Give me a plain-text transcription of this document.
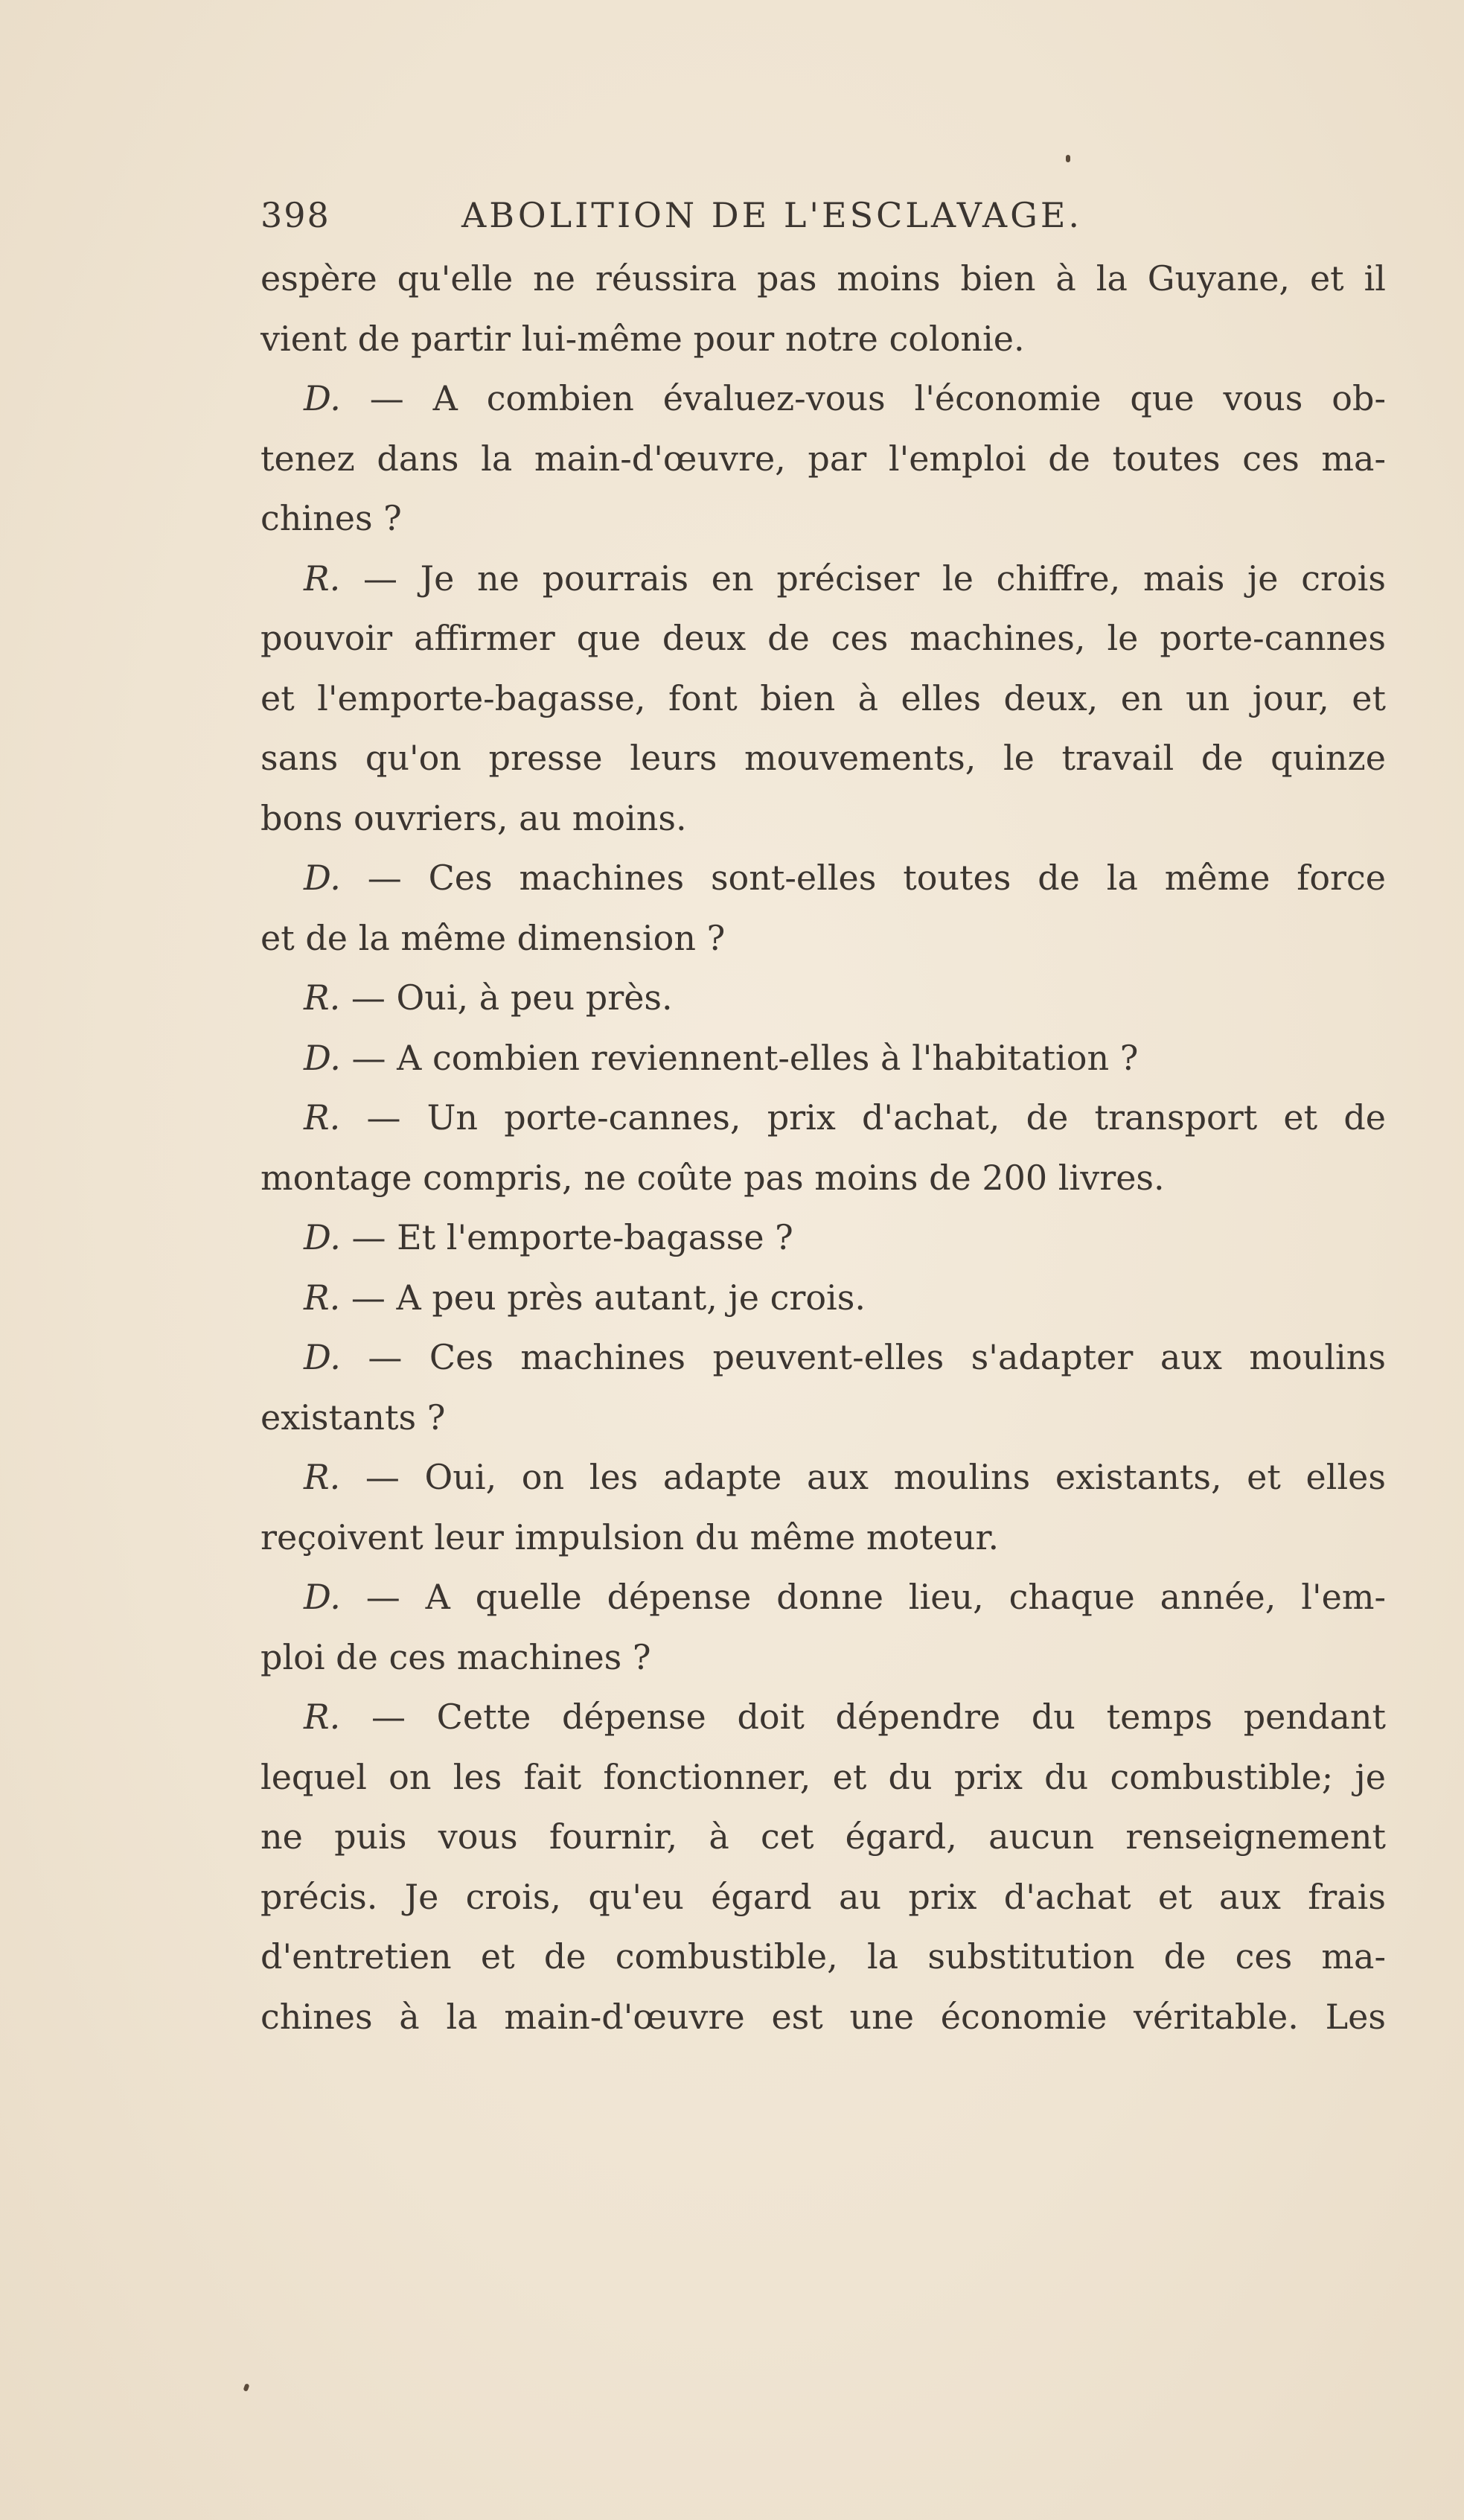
398	ABOLITION DE L'ESCLAVAGE.
espère qu'elle ne réussira pas moins bien à la Guyane, et il
vient de partir lui-même pour notre colonie.
D. — A combien évaluez-vous l'économie que vous ob-
tenez dans la main-d'œuvre, par l'emploi de toutes ces ma-
chines ?
R. — Je ne pourrais en préciser le chiffre, mais je crois
pouvoir affirmer que deux de ces machines, le porte-cannes
et l'emporte-bagasse, font bien à elles deux, en un jour, et
sans qu'on presse leurs mouvements, le travail de quinze
bons ouvriers, au moins.
D. — Ces machines sont-elles toutes de la même force
et de la même dimension ?
R. — Oui, à peu près.
D. — A combien reviennent-elles à l'habitation ?
R. — Un porte-cannes, prix d'achat, de transport et de
montage compris, ne coûte pas moins de 200 livres.
D. — Et l'emporte-bagasse ?
R. — A peu près autant, je crois.
D. — Ces machines peuvent-elles s'adapter aux moulins
existants ?
R. — Oui, on les adapte aux moulins existants, et elles
reçoivent leur impulsion du même moteur.
D. — A quelle dépense donne lieu, chaque année, l'em-
ploi de ces machines ?
R. — Cette dépense doit dépendre du temps pendant
lequel on les fait fonctionner, et du prix du combustible; je
ne puis vous fournir, à cet égard, aucun renseignement
précis. Je crois, qu'eu égard au prix d'achat et aux frais
d'entretien et de combustible, la substitution de ces ma-
chines à la main-d'œuvre est une économie véritable. Les
